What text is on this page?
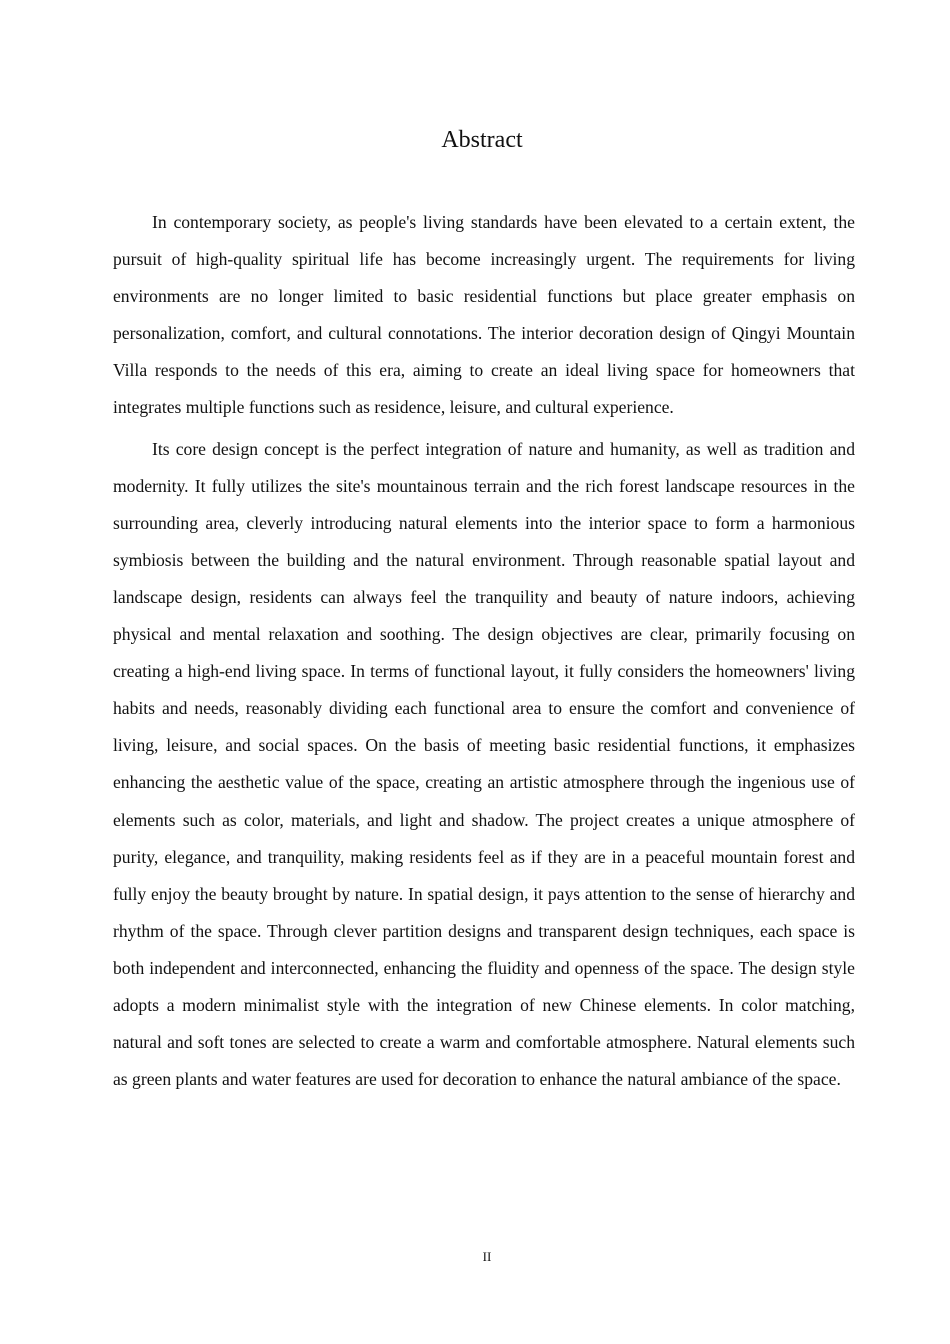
Abstract

In contemporary society, as people's living standards have been elevated to a certain extent, the pursuit of high-quality spiritual life has become increasingly urgent. The requirements for living environments are no longer limited to basic residential functions but place greater emphasis on personalization, comfort, and cultural connotations. The interior decoration design of Qingyi Mountain Villa responds to the needs of this era, aiming to create an ideal living space for homeowners that integrates multiple functions such as residence, leisure, and cultural experience.

Its core design concept is the perfect integration of nature and humanity, as well as tradition and modernity. It fully utilizes the site's mountainous terrain and the rich forest landscape resources in the surrounding area, cleverly introducing natural elements into the interior space to form a harmonious symbiosis between the building and the natural environment. Through reasonable spatial layout and landscape design, residents can always feel the tranquility and beauty of nature indoors, achieving physical and mental relaxation and soothing. The design objectives are clear, primarily focusing on creating a high-end living space. In terms of functional layout, it fully considers the homeowners' living habits and needs, reasonably dividing each functional area to ensure the comfort and convenience of living, leisure, and social spaces. On the basis of meeting basic residential functions, it emphasizes enhancing the aesthetic value of the space, creating an artistic atmosphere through the ingenious use of elements such as color, materials, and light and shadow. The project creates a unique atmosphere of purity, elegance, and tranquility, making residents feel as if they are in a peaceful mountain forest and fully enjoy the beauty brought by nature. In spatial design, it pays attention to the sense of hierarchy and rhythm of the space. Through clever partition designs and transparent design techniques, each space is both independent and interconnected, enhancing the fluidity and openness of the space. The design style adopts a modern minimalist style with the integration of new Chinese elements. In color matching, natural and soft tones are selected to create a warm and comfortable atmosphere. Natural elements such as green plants and water features are used for decoration to enhance the natural ambiance of the space.

II
